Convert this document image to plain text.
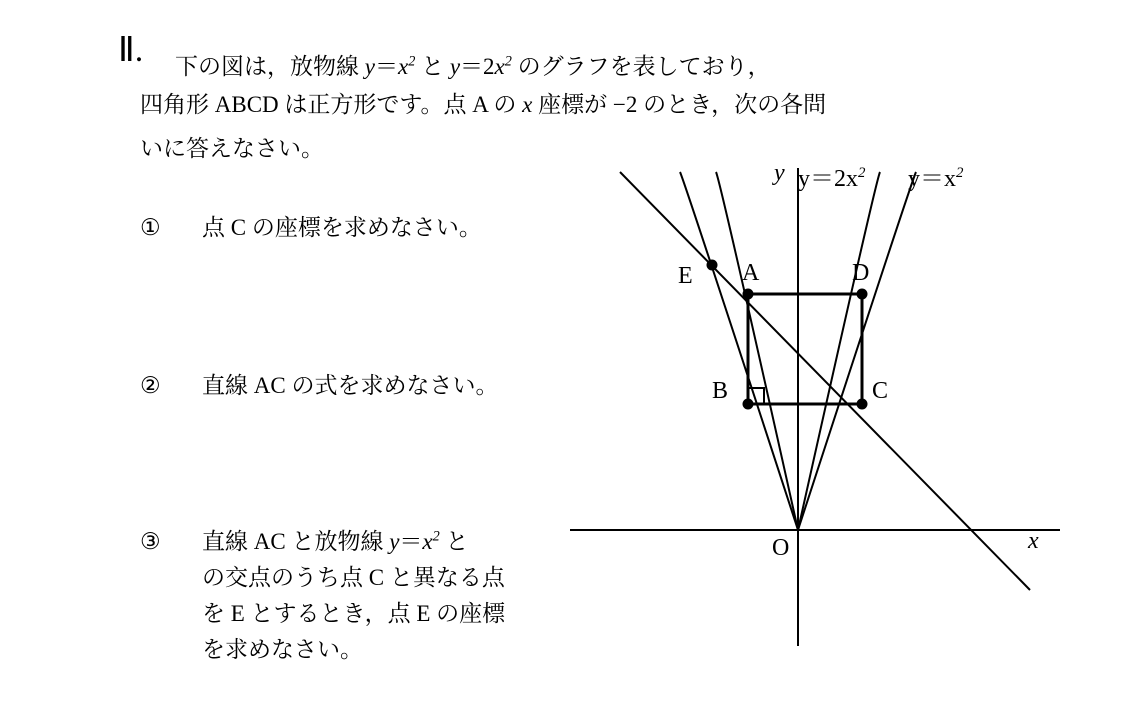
Ⅱ. 下の図は，放物線 $y=x^2$ と $y=2x^2$ のグラフを表しており，
四角形 ABCD は正方形です。点 A の x 座標が −2 のとき，次の各問
いに答えなさい。
① 点 C の座標を求めなさい。
② 直線 AC の式を求めなさい。
③ 直線 AC と放物線 $y=x^2$ と
の交点のうち点 C と異なる点
を E とするとき，点 E の座標
を求めなさい。
y
x
O
$y=2x^2$ $y=x^2$
E A	D
B	C
